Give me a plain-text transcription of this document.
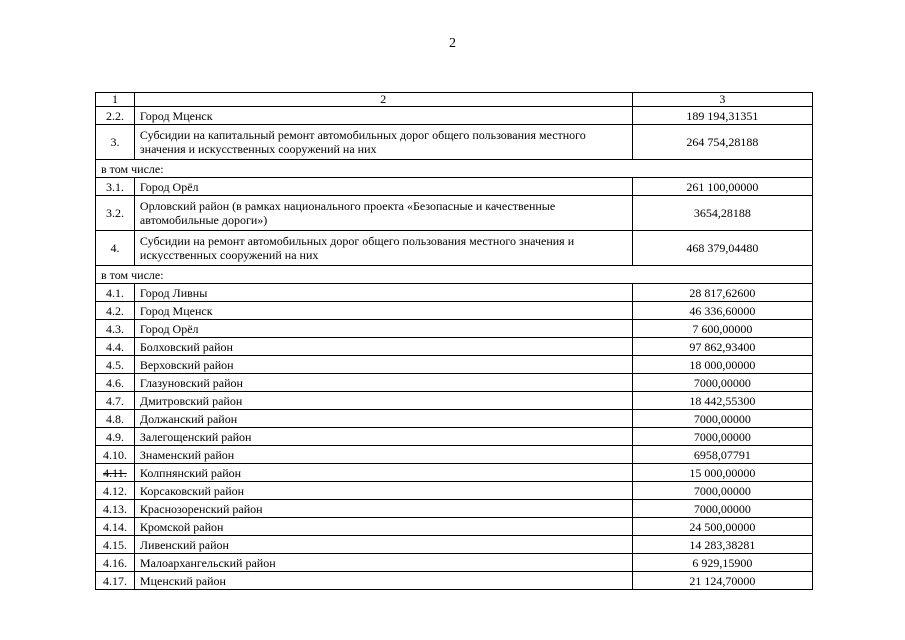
2
1	2	3
2.2.	Город Мценск	189 194,31351
3.	Субсидии на капитальный ремонт автомобильных дорог общего пользования местного значения и искусственных сооружений на них	264 754,28188
в том числе:		
3.1.	Город Орёл	261 100,00000
3.2.	Орловский район (в рамках национального проекта «Безопасные и качественные автомобильные дороги»)	3654,28188
4.	Субсидии на ремонт автомобильных дорог общего пользования местного значения и искусственных сооружений на них	468 379,04480
в том числе:		
4.1.	Город Ливны	28 817,62600
4.2.	Город Мценск	46 336,60000
4.3.	Город Орёл	7 600,00000
4.4.	Болховский район	97 862,93400
4.5.	Верховский район	18 000,00000
4.6.	Глазуновский район	7000,00000
4.7.	Дмитровский район	18 442,55300
4.8.	Должанский район	7000,00000
4.9.	Залегощенский район	7000,00000
4.10.	Знаменский район	6958,07791
4.11.	Колпнянский район	15 000,00000
4.12.	Корсаковский район	7000,00000
4.13.	Краснозоренский район	7000,00000
4.14.	Кромской район	24 500,00000
4.15.	Ливенский район	14 283,38281
4.16.	Малоархангельский район	6 929,15900
4.17.	Мценский район	21 124,70000
